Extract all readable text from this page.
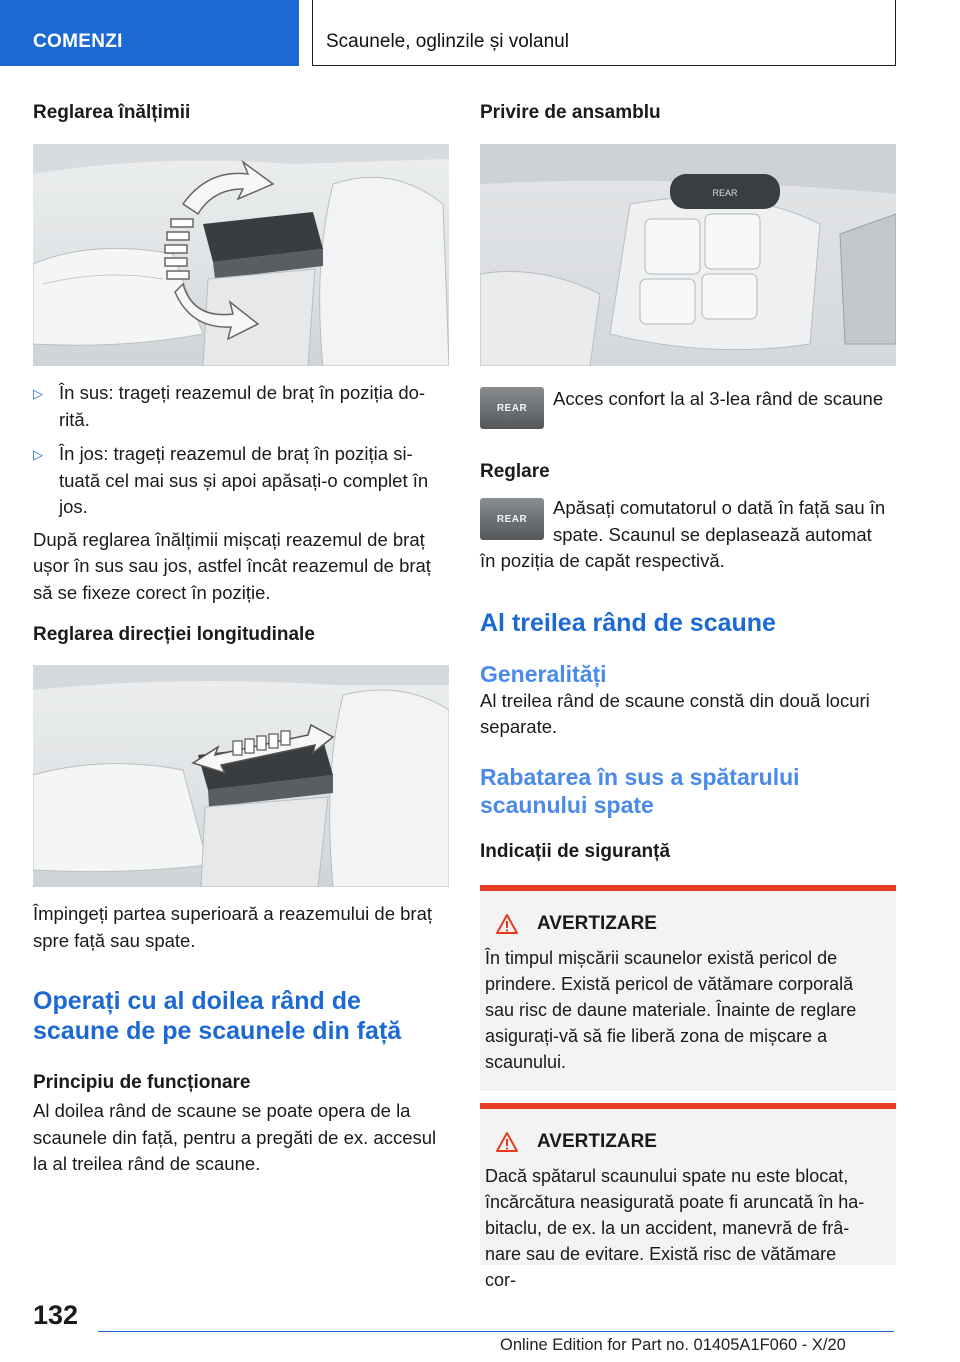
COMENZI	Scaunele, oglinzile și volanul
Reglarea înălțimii
▷ În sus: trageți reazemul de braț în poziția do-rită.
▷ În jos: trageți reazemul de braț în poziția si-tuată cel mai sus și apoi apăsați-o complet în jos.
După reglarea înălțimii mișcați reazemul de braț ușor în sus sau jos, astfel încât reazemul de braț să se fixeze corect în poziție.
Reglarea direcției longitudinale
Împingeți partea superioară a reazemului de braț spre față sau spate.
Operați cu al doilea rând de scaune de pe scaunele din față
Principiu de funcționare
Al doilea rând de scaune se poate opera de la scaunele din față, pentru a pregăti de ex. accesul la al treilea rând de scaune.
Privire de ansamblu
REAR
REAR Acces confort la al 3-lea rând de scaune
Reglare
REAR
Apăsați comutatorul o dată în față sau în spate. Scaunul se deplasează automat
în poziția de capăt respectivă.
Al treilea rând de scaune
Generalități
Al treilea rând de scaune constă din două locuri separate.
Rabatarea în sus a spătarului scaunului spate
Indicații de siguranță
AVERTIZARE
În timpul mișcării scaunelor există pericol de prindere. Există pericol de vătămare corporală sau risc de daune materiale. Înainte de reglare asigurați-vă să fie liberă zona de mișcare a scaunului.
AVERTIZARE
Dacă spătarul scaunului spate nu este blocat, încărcătura neasigurată poate fi aruncată în ha-bitaclu, de ex. la un accident, manevră de frâ-nare sau de evitare. Există risc de vătămare cor-
132
Online Edition for Part no. 01405A1F060 - X/20
